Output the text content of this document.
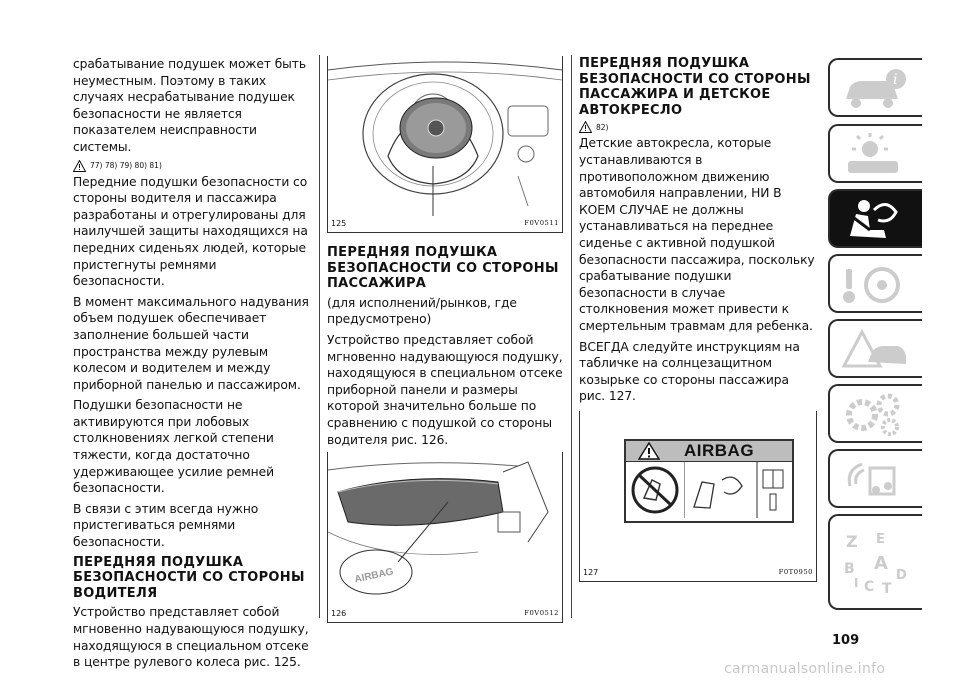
срабатывание подушек может быть неуместным. Поэтому в таких случаях несрабатывание подушек безопасности не является показателем неисправности системы.

77) 78) 79) 80) 81)

Передние подушки безопасности со стороны водителя и пассажира разработаны и отрегулированы для наилучшей защиты находящихся на передних сиденьях людей, которые пристегнуты ремнями безопасности.

В момент максимального надувания объем подушек обеспечивает заполнение большей части пространства между рулевым колесом и водителем и между приборной панелью и пассажиром.

Подушки безопасности не активируются при лобовых столкновениях легкой степени тяжести, когда достаточно удерживающее усилие ремней безопасности.

В связи с этим всегда нужно пристегиваться ремнями безопасности.

ПЕРЕДНЯЯ ПОДУШКА БЕЗОПАСНОСТИ СО СТОРОНЫ ВОДИТЕЛЯ

Устройство представляет собой мгновенно надувающуюся подушку, находящуюся в специальном отсеке в центре рулевого колеса рис. 125.

125	F0V0511
ПЕРЕДНЯЯ ПОДУШКА БЕЗОПАСНОСТИ СО СТОРОНЫ ПАССАЖИРА

(для исполнений/рынков, где предусмотрено)

Устройство представляет собой мгновенно надувающуюся подушку, находящуюся в специальном отсеке приборной панели и размеры которой значительно больше по сравнению с подушкой со стороны водителя рис. 126.

AIRBAG
126	F0V0512
ПЕРЕДНЯЯ ПОДУШКА БЕЗОПАСНОСТИ СО СТОРОНЫ ПАССАЖИРА И ДЕТСКОЕ АВТОКРЕСЛО
82)

Детские автокресла, которые устанавливаются в противоположном движению автомобиля направлении, НИ В КОЕМ СЛУЧАЕ не должны устанавливаться на переднее сиденье с активной подушкой безопасности пассажира, поскольку срабатывание подушки безопасности в случае столкновения может привести к смертельным травмам для ребенка.

ВСЕГДА следуйте инструкциям на табличке на солнцезащитном козырьке со стороны пассажира рис. 127.

AIRBAG
127	F0T0950
i
Z E
B A
I C T
D
109
carmanualsonline.info
